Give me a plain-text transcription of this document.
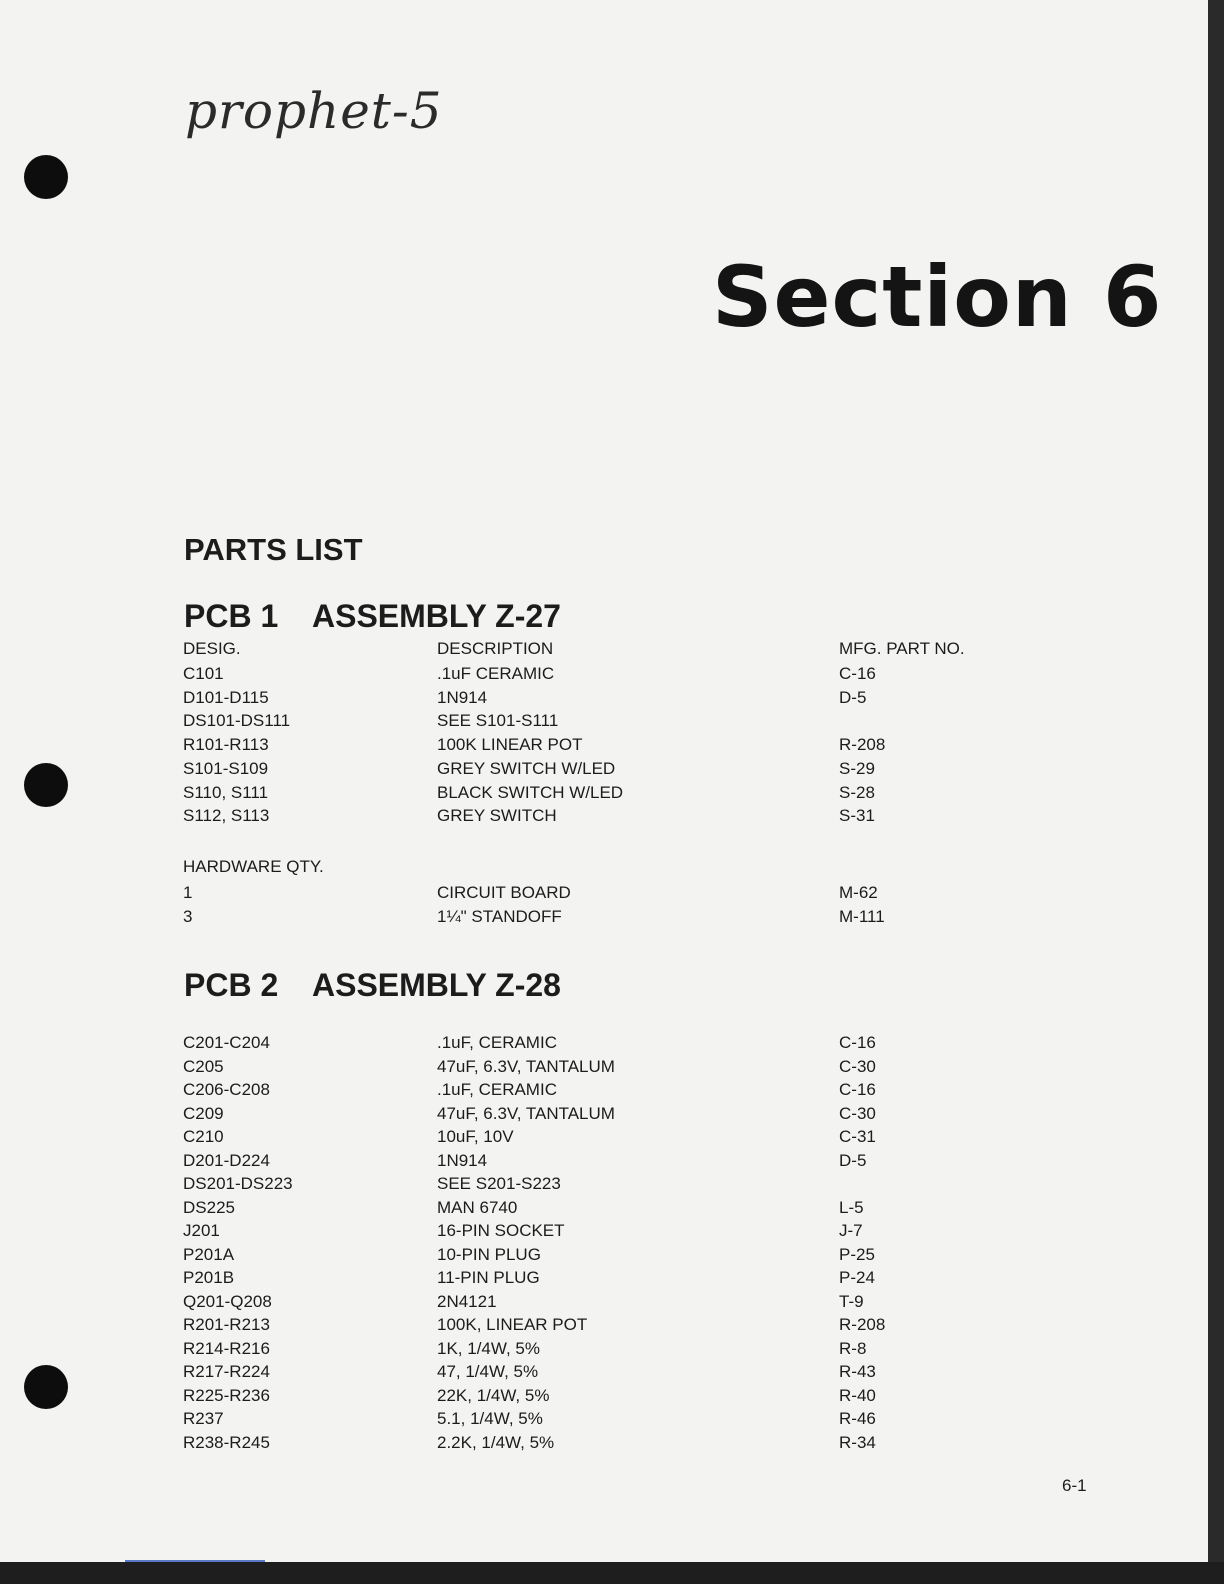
prophet-5
Section 6
PARTS LIST
PCB 1 ASSEMBLY Z-27
DESIG.	DESCRIPTION	MFG. PART NO.
C101	.1uF CERAMIC	C-16
D101-D115	1N914	D-5
DS101-DS111	SEE S101-S111
R101-R113	100K LINEAR POT	R-208
S101-S109	GREY SWITCH W/LED	S-29
S110, S111	BLACK SWITCH W/LED	S-28
S112, S113	GREY SWITCH	S-31
HARDWARE QTY.
1	CIRCUIT BOARD	M-62
3	1¼" STANDOFF	M-111
PCB 2 ASSEMBLY Z-28
C201-C204	.1uF, CERAMIC	C-16
C205	47uF, 6.3V, TANTALUM	C-30
C206-C208	.1uF, CERAMIC	C-16
C209	47uF, 6.3V, TANTALUM	C-30
C210	10uF, 10V	C-31
D201-D224	1N914	D-5
DS201-DS223	SEE S201-S223
DS225	MAN 6740	L-5
J201	16-PIN SOCKET	J-7
P201A	10-PIN PLUG	P-25
P201B	11-PIN PLUG	P-24
Q201-Q208	2N4121	T-9
R201-R213	100K, LINEAR POT	R-208
R214-R216	1K, 1/4W, 5%	R-8
R217-R224	47, 1/4W, 5%	R-43
R225-R236	22K, 1/4W, 5%	R-40
R237	5.1, 1/4W, 5%	R-46
R238-R245	2.2K, 1/4W, 5%	R-34
6-1
